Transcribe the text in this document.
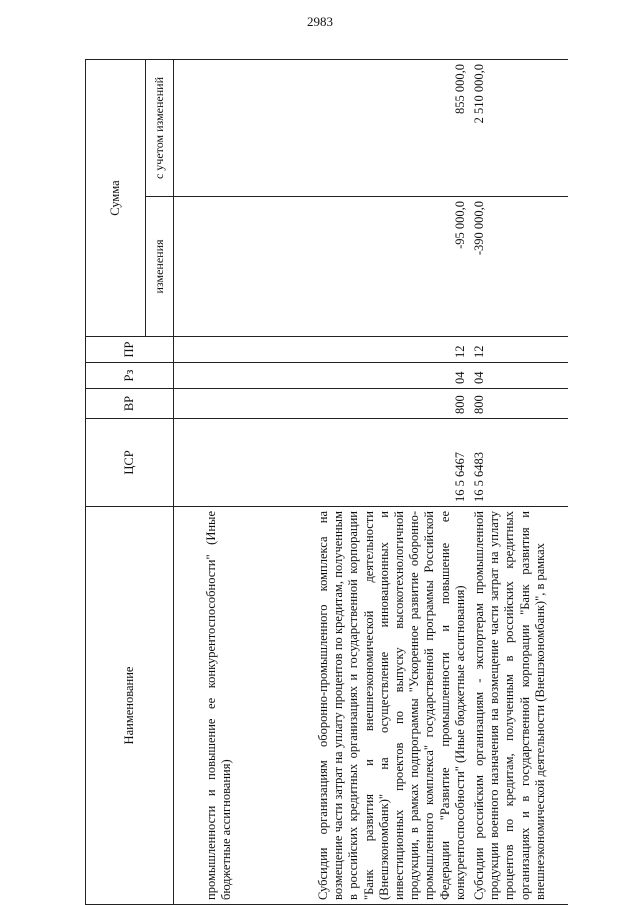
2983
Наименование	ЦСР	ВР	Рз	ПР	Сумма	
					изменения	с учетом изменений
промышленности и повышение ее конкурентоспособности" (Иные бюджетные ассигнования)						
Субсидии организациям оборонно-промышленного комплекса на возмещение части затрат на уплату процентов по кредитам, полученным в российских кредитных организациях и государственной корпорации "Банк развития и внешнеэкономической деятельности (Внешэкономбанк)" на осуществление инновационных и инвестиционных проектов по выпуску высокотехнологичной продукции, в рамках подпрограммы "Ускоренное развитие оборонно-промышленного комплекса" государственной программы Российской Федерации "Развитие промышленности и повышение ее конкурентоспособности" (Иные бюджетные ассигнования)	16 5 6467	800	04	12	-95 000,0	855 000,0
Субсидии российским организациям - экспортерам промышленной продукции военного назначения на возмещение части затрат на уплату процентов по кредитам, полученным в российских кредитных организациях и в государственной корпорации "Банк развития и внешнеэкономической деятельности (Внешэкономбанк)", в рамках	16 5 6483	800	04	12	-390 000,0	2 510 000,0
